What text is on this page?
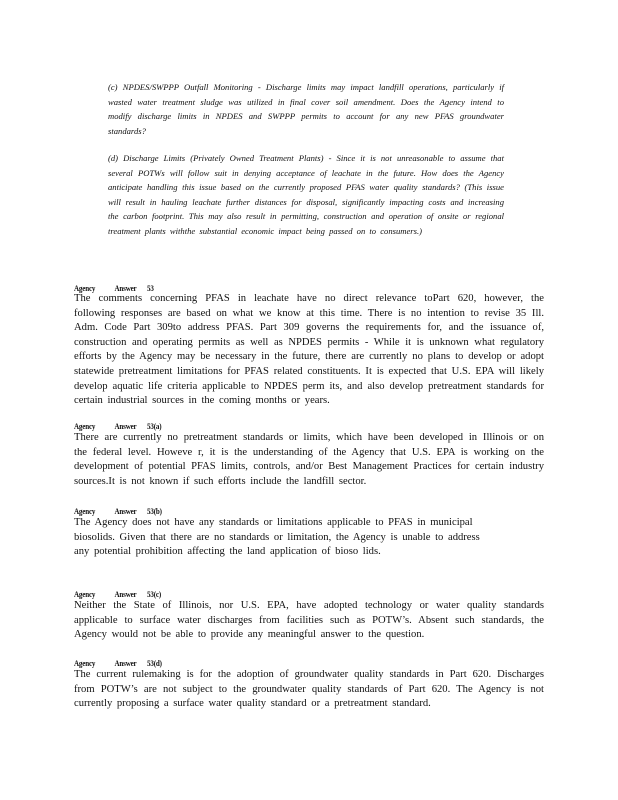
(c) NPDES/SWPPP Outfall Monitoring - Discharge limits may impact landfill operations, particularly if wasted water treatment sludge was utilized in final cover soil amendment. Does the Agency intend to modify discharge limits in NPDES and SWPPP permits to account for any new PFAS groundwater standards?

(d) Discharge Limits (Privately Owned Treatment Plants) - Since it is not unreasonable to assume that several POTWs will follow suit in denying acceptance of leachate in the future. How does the Agency anticipate handling this issue based on the currently proposed PFAS water quality standards? (This issue will result in hauling leachate further distances for disposal, significantly impacting costs and increasing the carbon footprint. This may also result in permitting, construction and operation of onsite or regional treatment plants withthe substantial economic impact being passed on to consumers.)

Agency Answer 53

The comments concerning PFAS in leachate have no direct relevance toPart 620, however, the following responses are based on what we know at this time. There is no intention to revise 35 Ill. Adm. Code Part 309to address PFAS. Part 309 governs the requirements for, and the issuance of, construction and operating permits as well as NPDES permits - While it is unknown what regulatory efforts by the Agency may be necessary in the future, there are currently no plans to develop or adopt statewide pretreatment limitations for PFAS related constituents. It is expected that U.S. EPA will likely develop aquatic life criteria applicable to NPDES perm its, and also develop pretreatment standards for certain industrial sources in the coming months or years.

Agency Answer 53(a)

There are currently no pretreatment standards or limits, which have been developed in Illinois or on the federal level. Howeve r, it is the understanding of the Agency that U.S. EPA is working on the development of potential PFAS limits, controls, and/or Best Management Practices for certain industry sources.It is not known if such efforts include the landfill sector.

Agency Answer 53(b)

The Agency does not have any standards or limitations applicable to PFAS in municipal biosolids. Given that there are no standards or limitation, the Agency is unable to address any potential prohibition affecting the land application of bioso lids.

Agency Answer 53(c)

Neither the State of Illinois, nor U.S. EPA, have adopted technology or water quality standards applicable to surface water discharges from facilities such as POTW’s. Absent such standards, the Agency would not be able to provide any meaningful answer to the question.

Agency Answer 53(d)

The current rulemaking is for the adoption of groundwater quality standards in Part 620. Discharges from POTW’s are not subject to the groundwater quality standards of Part 620. The Agency is not currently proposing a surface water quality standard or a pretreatment standard.
